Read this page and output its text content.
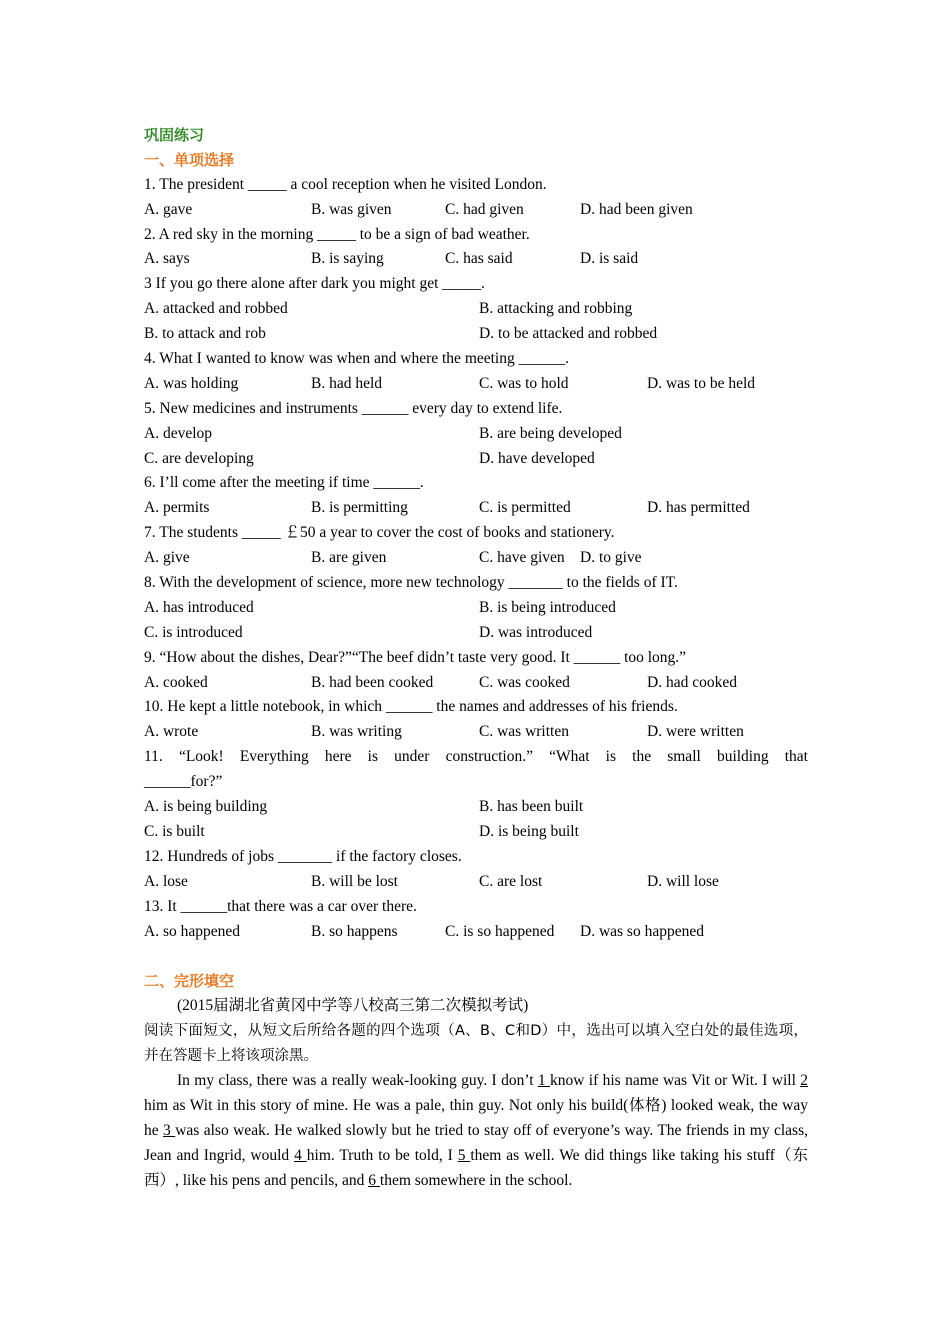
巩固练习
一、单项选择
1. The president _____ a cool reception when he visited London.
A. gave	B. was given	C. had given	D. had been given
2. A red sky in the morning _____ to be a sign of bad weather.
A. says	B. is saying	C. has said	D. is said
3 If you go there alone after dark you might get _____.
A. attacked and robbed	B. attacking and robbing
B. to attack and rob	D. to be attacked and robbed
4. What I wanted to know was when and where the meeting ______.
A. was holding	B. had held	C. was to hold	D. was to be held
5. New medicines and instruments ______ every day to extend life.
A. develop	B. are being developed
C. are developing	D. have developed
6. I’ll come after the meeting if time ______.
A. permits	B. is permitting	C. is permitted	D. has permitted
7. The students _____ ￡50 a year to cover the cost of books and stationery.
A. give	B. are given	C. have given D. to give
8. With the development of science, more new technology _______ to the fields of IT.
A. has introduced	B. is being introduced
C. is introduced	D. was introduced
9. “How about the dishes, Dear?”“The beef didn’t taste very good. It ______ too long.”
A. cooked	B. had been cooked	C. was cooked	D. had cooked
10. He kept a little notebook, in which ______ the names and addresses of his friends.
A. wrote	B. was writing	C. was written	D. were written
11. “Look! Everything here is under construction.” “What is the small building that
______for?”
A. is being building	B. has been built
C. is built	D. is being built
12. Hundreds of jobs _______ if the factory closes.
A. lose	B. will be lost	C. are lost	D. will lose
13. It ______that there was a car over there.
A. so happened	B. so happens	C. is so happened D. was so happened
二、完形填空
(2015届湖北省黄冈中学等八校高三第二次模拟考试)
阅读下面短文，从短文后所给各题的四个选项（A、B、C和D）中，选出可以填入空白处的最佳选项，并在答题卡上将该项涂黑。
In my class, there was a really weak-looking guy. I don’t 1 know if his name was Vit or Wit. I will 2 him as Wit in this story of mine. He was a pale, thin guy. Not only his build(体格) looked weak, the way he 3 was also weak. He walked slowly but he tried to stay off of everyone’s way. The friends in my class, Jean and Ingrid, would 4 him. Truth to be told, I 5 them as well. We did things like taking his stuff（东西）, like his pens and pencils, and 6 them somewhere in the school.
